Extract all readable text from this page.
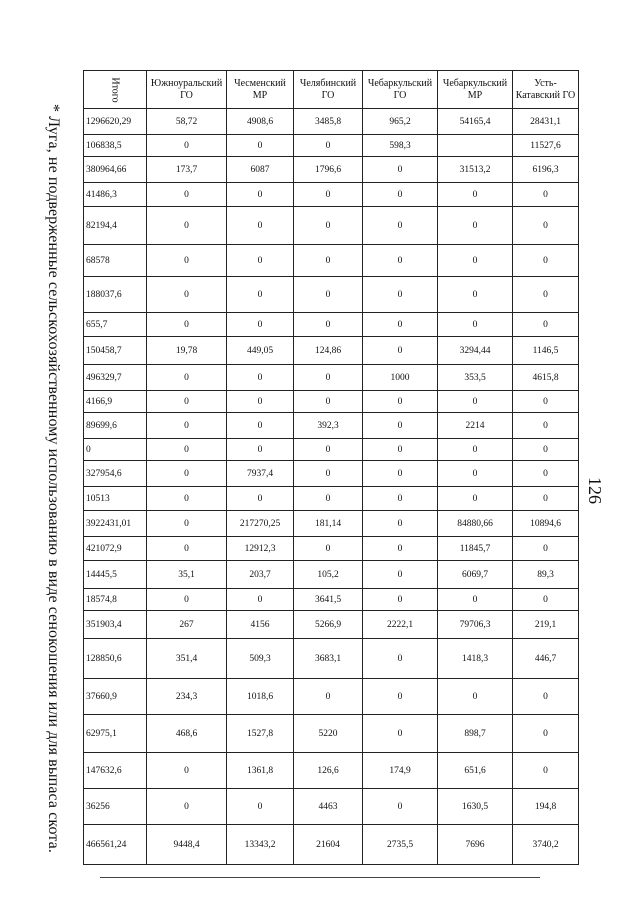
* Луга, не подверженные сельскохозяйственному использованию в виде сенокошения или для выпаса скота.
Итого	Южноуральский ГО	Чесменский МР	Челябинский ГО	Чебаркульский ГО	Чебаркульский МР	Усть-Катавский ГО
1296620,29	58,72	4908,6	3485,8	965,2	54165,4	28431,1
106838,5	0	0	0	598,3		11527,6
380964,66	173,7	6087	1796,6	0	31513,2	6196,3
41486,3	0	0	0	0	0	0
82194,4	0	0	0	0	0	0
68578	0	0	0	0	0	0
188037,6	0	0	0	0	0	0
655,7	0	0	0	0	0	0
150458,7	19,78	449,05	124,86	0	3294,44	1146,5
496329,7	0	0	0	1000	353,5	4615,8
4166,9	0	0	0	0	0	0
89699,6	0	0	392,3	0	2214	0
0	0	0	0	0	0	0
327954,6	0	7937,4	0	0	0	0
10513	0	0	0	0	0	0
3922431,01	0	217270,25	181,14	0	84880,66	10894,6
421072,9	0	12912,3	0	0	11845,7	0
14445,5	35,1	203,7	105,2	0	6069,7	89,3
18574,8	0	0	3641,5	0	0	0
351903,4	267	4156	5266,9	2222,1	79706,3	219,1
128850,6	351,4	509,3	3683,1	0	1418,3	446,7
37660,9	234,3	1018,6	0	0	0	0
62975,1	468,6	1527,8	5220	0	898,7	0
147632,6	0	1361,8	126,6	174,9	651,6	0
36256	0	0	4463	0	1630,5	194,8
466561,24	9448,4	13343,2	21604	2735,5	7696	3740,2
126
